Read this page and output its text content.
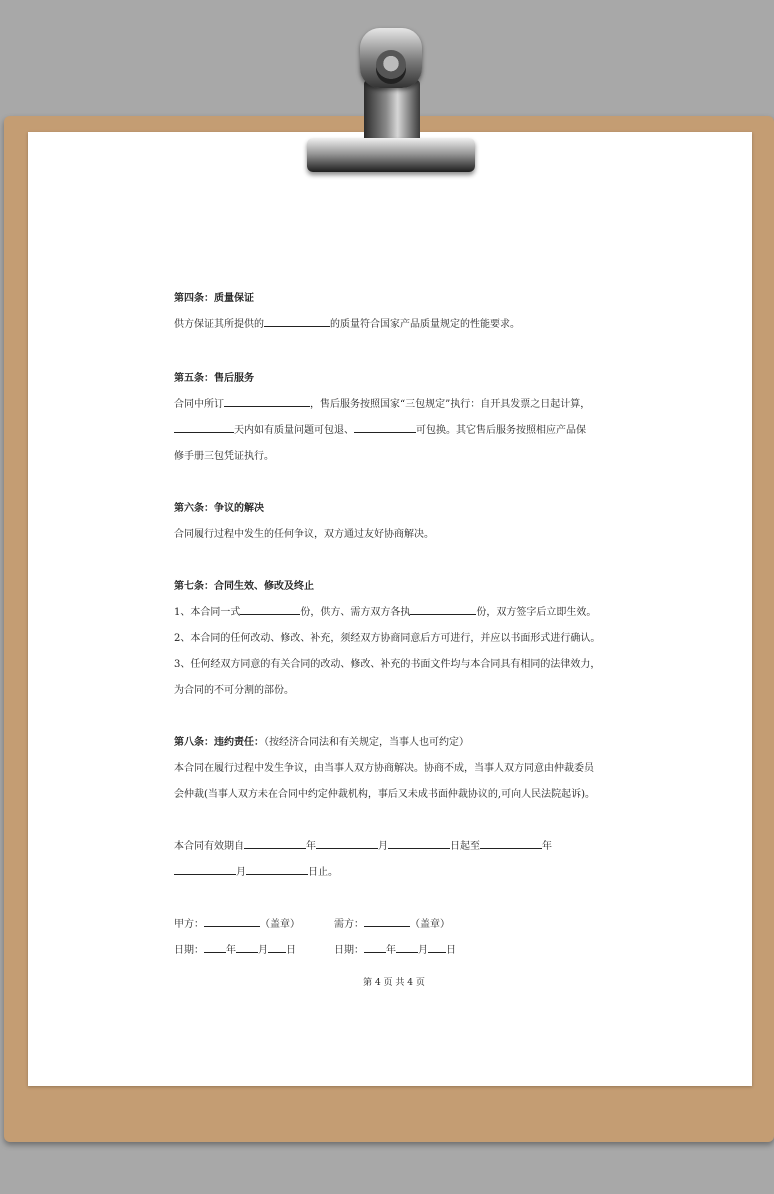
第四条：质量保证

供方保证其所提供的	的质量符合国家产品质量规定的性能要求。

第五条：售后服务

合同中所订	，售后服务按照国家“三包规定”执行：自开具发票之日起计算，

天内如有质量问题可包退、	可包换。其它售后服务按照相应产品保

修手册三包凭证执行。

第六条：争议的解决

合同履行过程中发生的任何争议，双方通过友好协商解决。

第七条：合同生效、修改及终止

1、本合同一式	份，供方、需方双方各执	份，双方签字后立即生效。

2、本合同的任何改动、修改、补充，须经双方协商同意后方可进行，并应以书面形式进行确认。

3、任何经双方同意的有关合同的改动、修改、补充的书面文件均与本合同具有相同的法律效力，

为合同的不可分割的部份。

第八条：违约责任：（按经济合同法和有关规定，当事人也可约定）

本合同在履行过程中发生争议，由当事人双方协商解决。协商不成，当事人双方同意由仲裁委员

会仲裁(当事人双方未在合同中约定仲裁机构，事后又未成书面仲裁协议的,可向人民法院起诉)。

本合同有效期自	年	月	日起至	年

月	日止。

甲方：	（盖章）	需方：	（盖章）
日期： 年 月 日	日期： 年 月 日

第 4 页 共 4 页
